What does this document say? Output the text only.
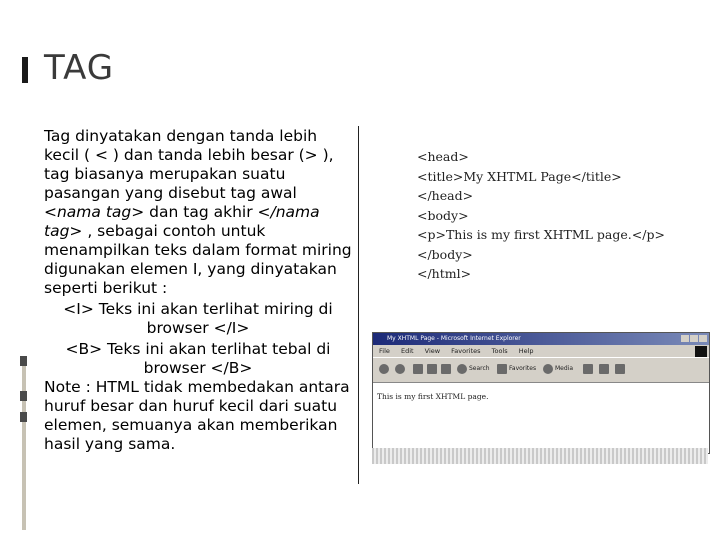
TAG
Tag dinyatakan dengan tanda lebih kecil ( < ) dan tanda lebih besar (> ), tag biasanya merupakan suatu pasangan yang disebut tag awal <nama tag> dan tag akhir </nama tag> , sebagai contoh untuk menampilkan teks dalam format miring digunakan elemen I, yang dinyatakan seperti berikut :
<I> Teks ini akan terlihat miring di browser </I>
<B> Teks ini akan terlihat tebal di browser </B>
Note : HTML tidak membedakan antara huruf besar dan huruf kecil dari suatu elemen, semuanya akan memberikan hasil yang sama.
<head>
<title>My XHTML Page</title>
</head>
<body>
<p>This is my first XHTML page.</p>
</body>
</html>
My XHTML Page - Microsoft Internet Explorer
File Edit View Favorites Tools Help
Search	Favorites	Media
This is my first XHTML page.
